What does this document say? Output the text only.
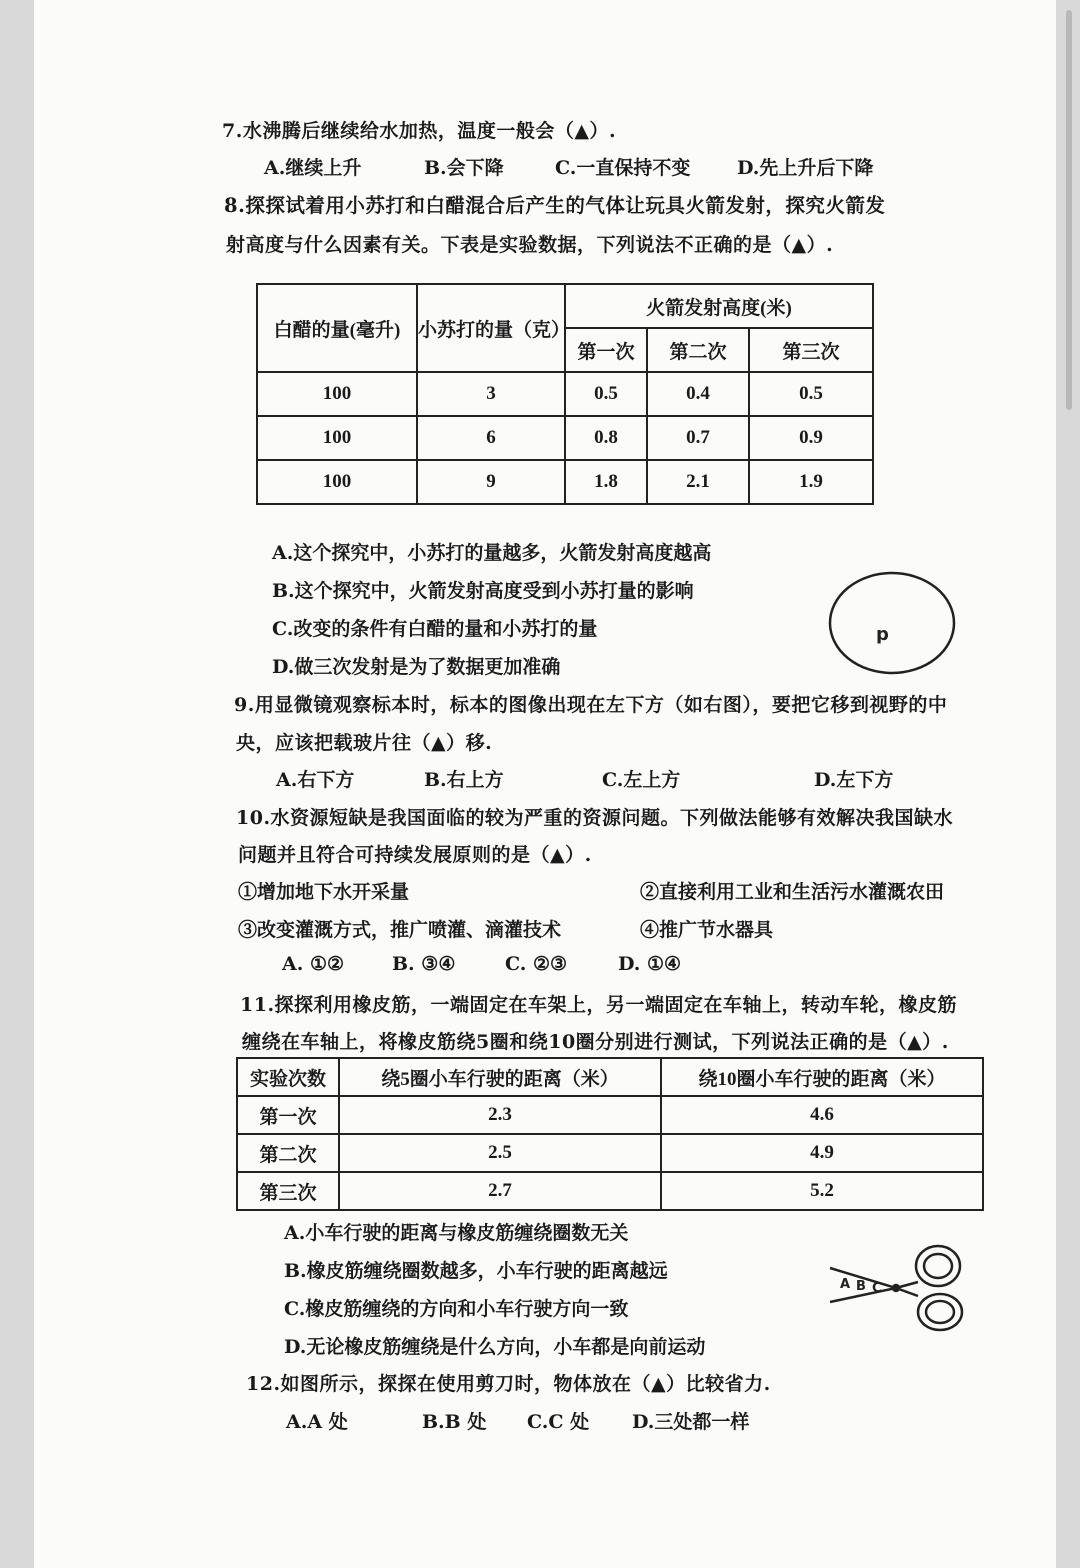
7.水沸腾后继续给水加热，温度一般会（▲）.
A.继续上升	B.会下降	C.一直保持不变 D.先上升后下降
8.探探试着用小苏打和白醋混合后产生的气体让玩具火箭发射，探究火箭发
射高度与什么因素有关。下表是实验数据，下列说法不正确的是（▲）.
白醋的量(毫升)	小苏打的量（克）	火箭发射高度(米)		
		第一次	第二次	第三次
100	3	0.5	0.4	0.5
100	6	0.8	0.7	0.9
100	9	1.8	2.1	1.9
A.这个探究中，小苏打的量越多，火箭发射高度越高
B.这个探究中，火箭发射高度受到小苏打量的影响
C.改变的条件有白醋的量和小苏打的量
D.做三次发射是为了数据更加准确
p
9.用显微镜观察标本时，标本的图像出现在左下方（如右图），要把它移到视野的中
央，应该把载玻片往（▲）移.
A.右下方	B.右上方	C.左上方	D.左下方
10.水资源短缺是我国面临的较为严重的资源问题。下列做法能够有效解决我国缺水
问题并且符合可持续发展原则的是（▲）.
①增加地下水开采量	②直接利用工业和生活污水灌溉农田
③改变灌溉方式，推广喷灌、滴灌技术	④推广节水器具
A. ①②	B. ③④	C. ②③	D. ①④
11.探探利用橡皮筋，一端固定在车架上，另一端固定在车轴上，转动车轮，橡皮筋
缠绕在车轴上，将橡皮筋绕5圈和绕10圈分别进行测试，下列说法正确的是（▲）.
实验次数	绕5圈小车行驶的距离（米）	绕10圈小车行驶的距离（米）
第一次	2.3	4.6
第二次	2.5	4.9
第三次	2.7	5.2
A.小车行驶的距离与橡皮筋缠绕圈数无关
B.橡皮筋缠绕圈数越多，小车行驶的距离越远
C.橡皮筋缠绕的方向和小车行驶方向一致
D.无论橡皮筋缠绕是什么方向，小车都是向前运动
A B C
12.如图所示，探探在使用剪刀时，物体放在（▲）比较省力.
A.A 处	B.B 处 C.C 处 D.三处都一样
